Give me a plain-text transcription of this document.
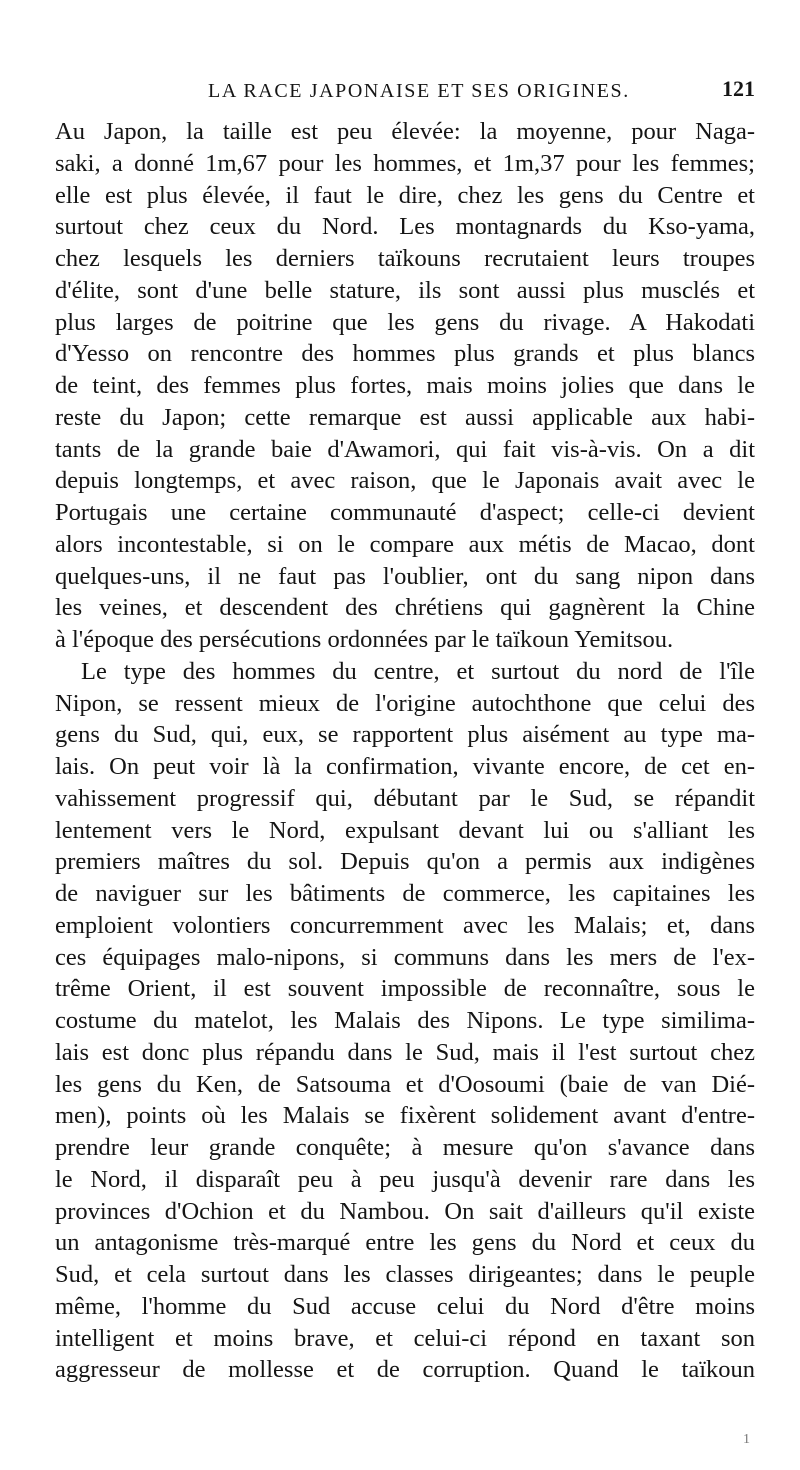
LA RACE JAPONAISE ET SES ORIGINES.	121
Au Japon, la taille est peu élevée: la moyenne, pour Naga-
saki, a donné 1m,67 pour les hommes, et 1m,37 pour les femmes;
elle est plus élevée, il faut le dire, chez les gens du Centre et
surtout chez ceux du Nord. Les montagnards du Kso-yama,
chez lesquels les derniers taïkouns recrutaient leurs troupes
d'élite, sont d'une belle stature, ils sont aussi plus musclés et
plus larges de poitrine que les gens du rivage. A Hakodati
d'Yesso on rencontre des hommes plus grands et plus blancs
de teint, des femmes plus fortes, mais moins jolies que dans le
reste du Japon; cette remarque est aussi applicable aux habi-
tants de la grande baie d'Awamori, qui fait vis-à-vis. On a dit
depuis longtemps, et avec raison, que le Japonais avait avec le
Portugais une certaine communauté d'aspect; celle-ci devient
alors incontestable, si on le compare aux métis de Macao, dont
quelques-uns, il ne faut pas l'oublier, ont du sang nipon dans
les veines, et descendent des chrétiens qui gagnèrent la Chine
à l'époque des persécutions ordonnées par le taïkoun Yemitsou.
Le type des hommes du centre, et surtout du nord de l'île
Nipon, se ressent mieux de l'origine autochthone que celui des
gens du Sud, qui, eux, se rapportent plus aisément au type ma-
lais. On peut voir là la confirmation, vivante encore, de cet en-
vahissement progressif qui, débutant par le Sud, se répandit
lentement vers le Nord, expulsant devant lui ou s'alliant les
premiers maîtres du sol. Depuis qu'on a permis aux indigènes
de naviguer sur les bâtiments de commerce, les capitaines les
emploient volontiers concurremment avec les Malais; et, dans
ces équipages malo-nipons, si communs dans les mers de l'ex-
trême Orient, il est souvent impossible de reconnaître, sous le
costume du matelot, les Malais des Nipons. Le type similima-
lais est donc plus répandu dans le Sud, mais il l'est surtout chez
les gens du Ken, de Satsouma et d'Oosoumi (baie de van Dié-
men), points où les Malais se fixèrent solidement avant d'entre-
prendre leur grande conquête; à mesure qu'on s'avance dans
le Nord, il disparaît peu à peu jusqu'à devenir rare dans les
provinces d'Ochion et du Nambou. On sait d'ailleurs qu'il existe
un antagonisme très-marqué entre les gens du Nord et ceux du
Sud, et cela surtout dans les classes dirigeantes; dans le peuple
même, l'homme du Sud accuse celui du Nord d'être moins
intelligent et moins brave, et celui-ci répond en taxant son
aggresseur de mollesse et de corruption. Quand le taïkoun
1
